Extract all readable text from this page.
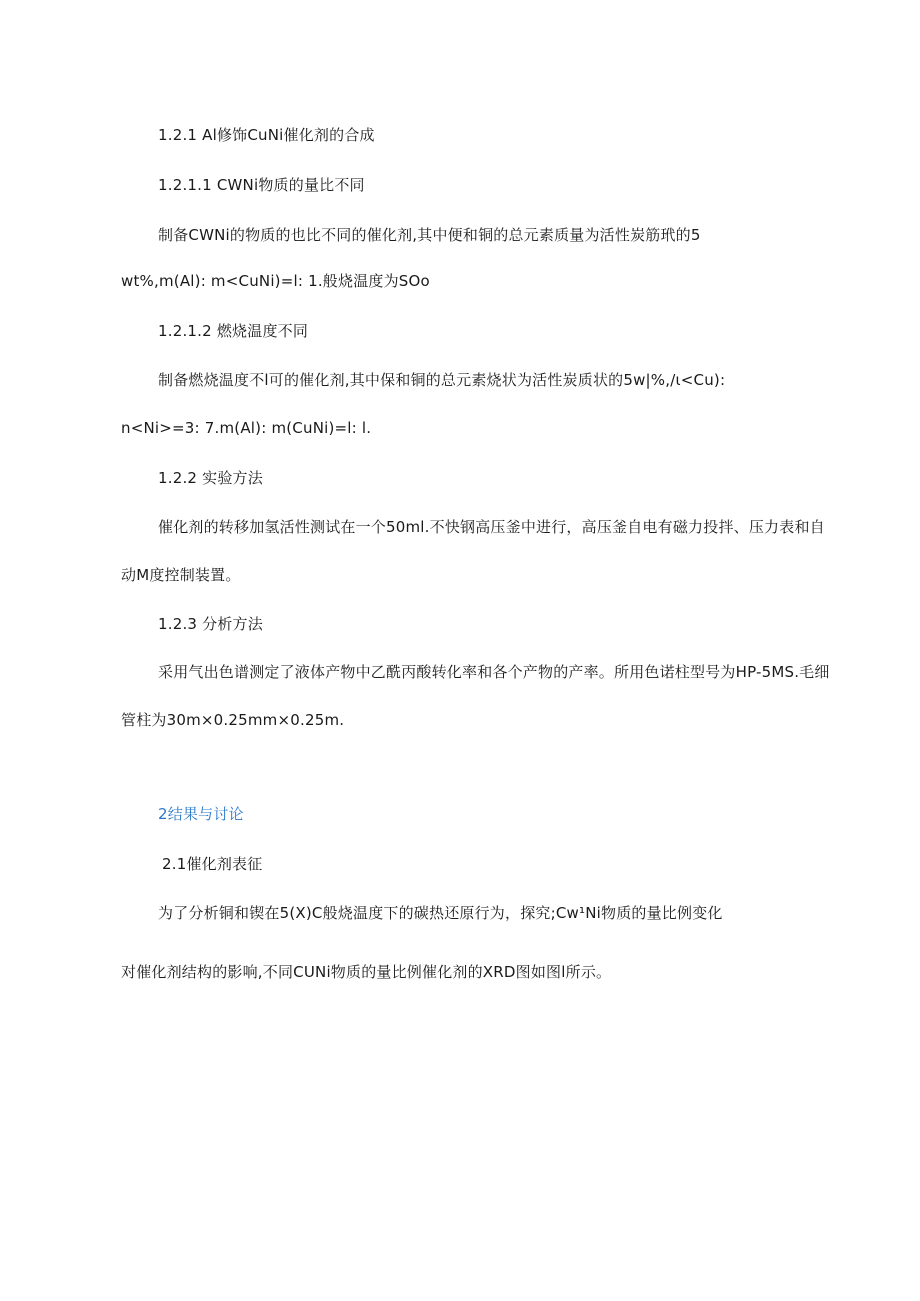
1.2.1 Al修饰CuNi催化剂的合成
1.2.1.1 CWNi物质的量比不同
制备CWNi的物质的也比不同的催化剂,其中便和铜的总元素质量为活性炭筋玳的5
wt%,m(Al): m<CuNi)=l: 1.般烧温度为SOo
1.2.1.2 燃烧温度不同
制备燃烧温度不l可的催化剂,其中保和铜的总元素烧状为活性炭质状的5w|%,/ι<Cu):
n<Ni>=3: 7.m(Al): m(CuNi)=l: l.
1.2.2 实验方法
催化剂的转移加氢活性测试在一个50ml.不快钢高压釜中进行，高压釜自电有磁力投拌、压力表和自
动M度控制装置。
1.2.3 分析方法
采用气出色谱测定了液体产物中乙酰丙酸转化率和各个产物的产率。所用色诺柱型号为HP-5MS.毛细
管柱为30m×0.25mm×0.25m.
2结果与讨论
2.1催化剂表征
为了分析铜和锲在5(X)C般烧温度下的碳热还原行为，探究;Cw¹Ni物质的量比例变化
对催化剂结构的影响,不同CUNi物质的量比例催化剂的XRD图如图l所示。
